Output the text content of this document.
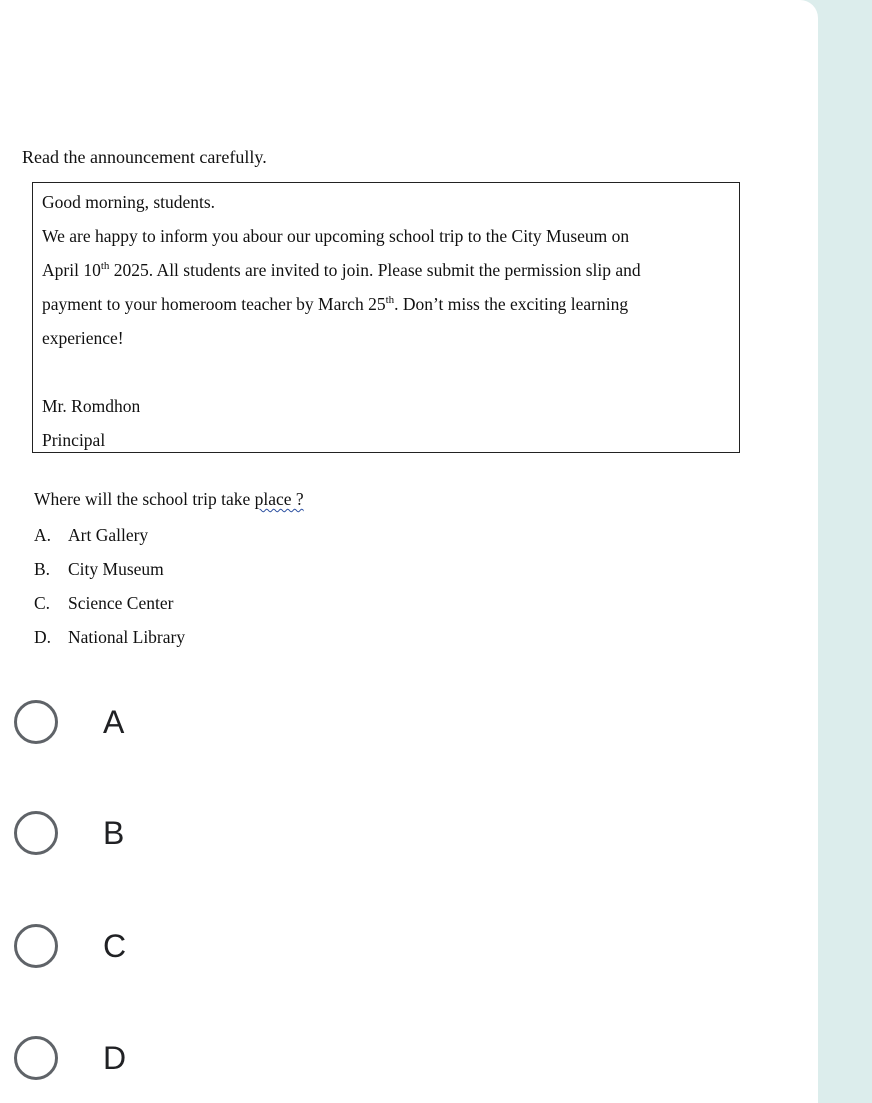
Read the announcement carefully.
Good morning, students.
We are happy to inform you abour our upcoming school trip to the City Museum on
April 10th 2025. All students are invited to join. Please submit the permission slip and
payment to your homeroom teacher by March 25th. Don’t miss the exciting learning
experience!
Mr. Romdhon
Principal
Where will the school trip take place ?
A. Art Gallery
B. City Museum
C. Science Center
D. National Library
A
B
C
D
